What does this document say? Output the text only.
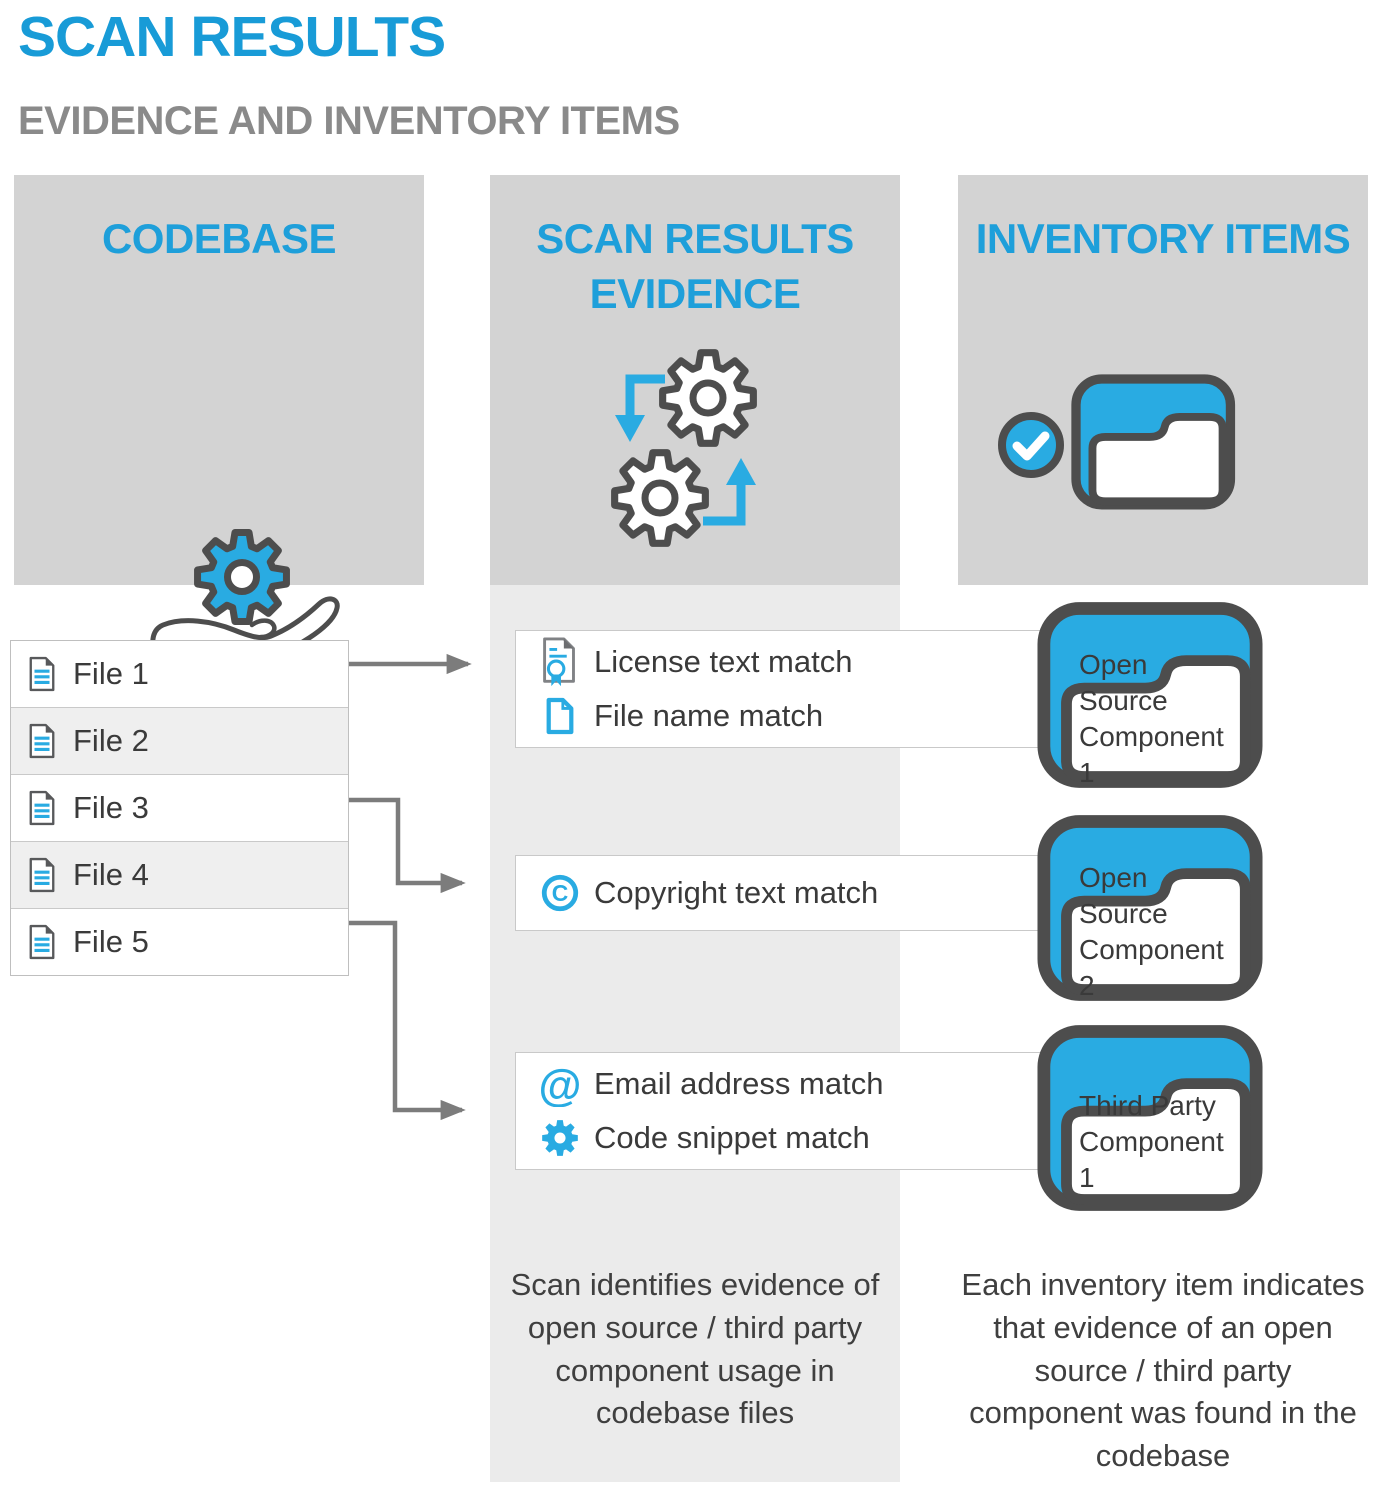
SCAN RESULTS
EVIDENCE AND INVENTORY ITEMS
CODEBASE	SCAN RESULTS EVIDENCE
INVENTORY ITEMS
File 1
File 2
File 3
File 4
File 5
License text match
File name match
C Copyright text match
@ Email address match
Code snippet match
Open Source Component 1
Open Source Component 2
Third Party Component 1
Scan identifies evidence of open source / third party component usage in codebase files
Each inventory item indicates that evidence of an open source / third party component was found in the codebase
